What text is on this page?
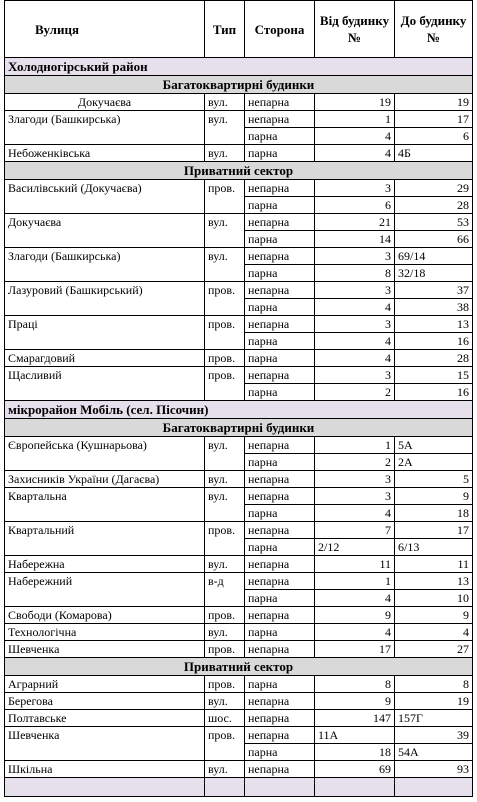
Вулиця	Тип	Сторона	Від будинку №	До будинку №
Холодногірський район				
Багатоквартирні будинки				
Докучаєва	вул.	непарна	19	19
Злагоди (Башкирська)	вул.	непарна	1	17
		парна	4	6
Небоженківська	вул.	парна	4	4Б
Приватний сектор				
Василівський (Докучаєва)	пров.	непарна	3	29
		парна	6	28
Докучаєва	вул.	непарна	21	53
		парна	14	66
Злагоди (Башкирська)	вул.	непарна	3	69/14
		парна	8	32/18
Лазуровий (Башкирський)	пров.	непарна	3	37
		парна	4	38
Праці	пров.	непарна	3	13
		парна	4	16
Смарагдовий	пров.	парна	4	28
Щасливий	пров.	непарна	3	15
		парна	2	16
мікрорайон Мобіль (сел. Пісочин)				
Багатоквартирні будинки				
Європейська (Кушнарьова)	вул.	непарна	1	5А
		парна	2	2А
Захисників України (Дагаєва)	вул.	непарна	3	5
Квартальна	вул.	непарна	3	9
		парна	4	18
Квартальний	пров.	непарна	7	17
		парна	2/12	6/13
Набережна	вул.	непарна	11	11
Набережний	в-д	непарна	1	13
		парна	4	10
Свободи (Комарова)	пров.	непарна	9	9
Технологічна	вул.	парна	4	4
Шевченка	пров.	непарна	17	27
Приватний сектор				
Аграрний	пров.	парна	8	8
Берегова	вул.	непарна	9	19
Полтавське	шос.	непарна	147	157Г
Шевченка	пров.	непарна	11А	39
		парна	18	54А
Шкільна	вул.	непарна	69	93
